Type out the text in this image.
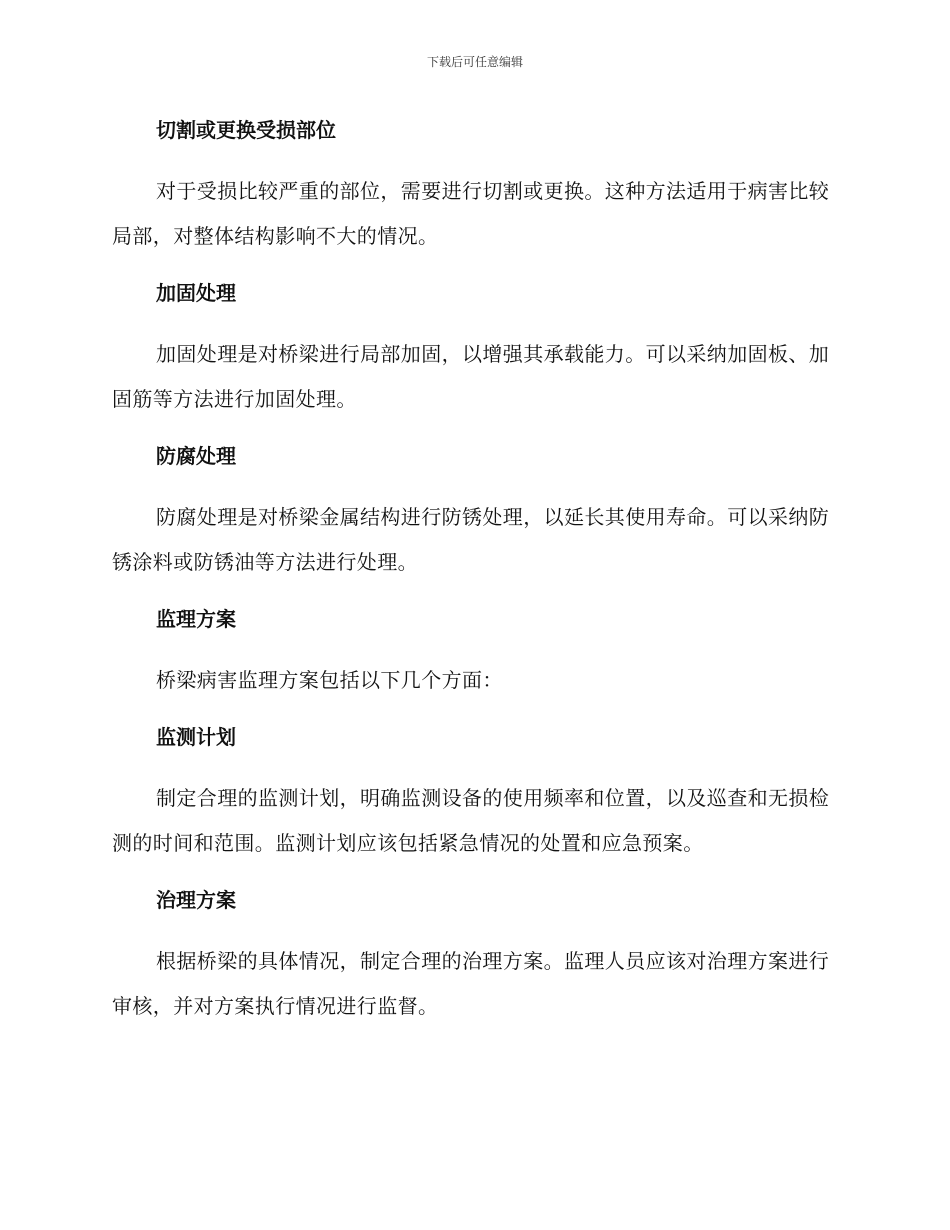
下载后可任意编辑
切割或更换受损部位

对于受损比较严重的部位，需要进行切割或更换。这种方法适用于病害比较局部，对整体结构影响不大的情况。

加固处理

加固处理是对桥梁进行局部加固，以增强其承载能力。可以采纳加固板、加固筋等方法进行加固处理。

防腐处理

防腐处理是对桥梁金属结构进行防锈处理，以延长其使用寿命。可以采纳防锈涂料或防锈油等方法进行处理。

监理方案

桥梁病害监理方案包括以下几个方面：

监测计划

制定合理的监测计划，明确监测设备的使用频率和位置，以及巡查和无损检测的时间和范围。监测计划应该包括紧急情况的处置和应急预案。

治理方案

根据桥梁的具体情况，制定合理的治理方案。监理人员应该对治理方案进行审核，并对方案执行情况进行监督。
